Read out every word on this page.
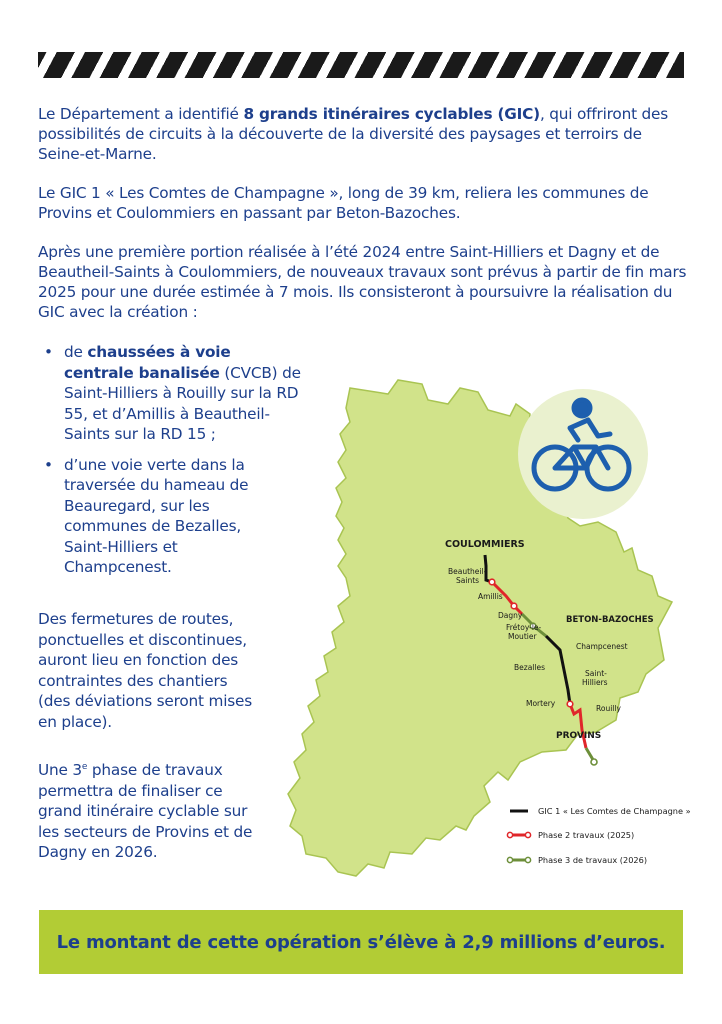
Le Département a identifié 8 grands itinéraires cyclables (GIC), qui offriront des possibilités de circuits à la découverte de la diversité des paysages et terroirs de Seine-et-Marne.

Le GIC 1 « Les Comtes de Champagne », long de 39 km, reliera les communes de Provins et Coulommiers en passant par Beton-Bazoches.

Après une première portion réalisée à l’été 2024 entre Saint-Hilliers et Dagny et de Beautheil-Saints à Coulommiers, de nouveaux travaux sont prévus à partir de fin mars 2025 pour une durée estimée à 7 mois. Ils consisteront à poursuivre la réalisation du GIC avec la création :

COULOMMIERS
Beautheil-
Saints
Amillis
Dagny	BETON-BAZOCHES
Frétoy-le-
Moutier
Champcenest
Bezalles
Saint-
Hilliers
Mortery
Rouilly
PROVINS
GIC 1 « Les Comtes de Champagne »
Phase 2 travaux (2025)
Phase 3 de travaux (2026)
• de chaussées à voie centrale banalisée (CVCB) de Saint-Hilliers à Rouilly sur la RD 55, et d’Amillis à Beautheil-Saints sur la RD 15 ;
• d’une voie verte dans la traversée du hameau de Beauregard, sur les communes de Bezalles, Saint-Hilliers et Champcenest.

Des fermetures de routes, ponctuelles et discontinues, auront lieu en fonction des contraintes des chantiers (des déviations seront mises en place).

Une 3e phase de travaux permettra de finaliser ce grand itinéraire cyclable sur les secteurs de Provins et de Dagny en 2026.

Le montant de cette opération s’élève à 2,9 millions d’euros.
